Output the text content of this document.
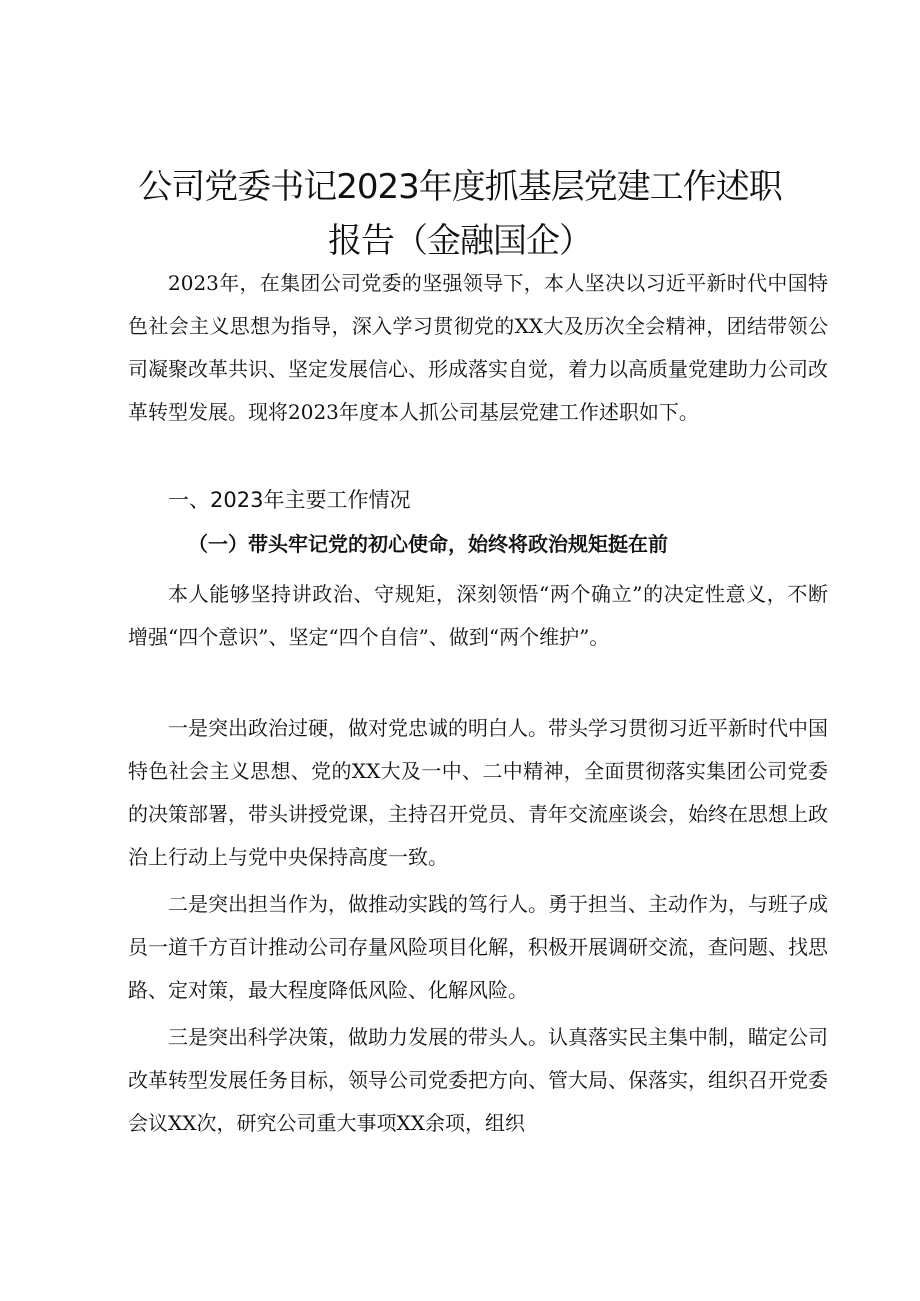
公司党委书记2023年度抓基层党建工作述职
报告（金融国企）

2023年，在集团公司党委的坚强领导下，本人坚决以习近平新时代中国特色社会主义思想为指导，深入学习贯彻党的XX大及历次全会精神，团结带领公司凝聚改革共识、坚定发展信心、形成落实自觉，着力以高质量党建助力公司改革转型发展。现将2023年度本人抓公司基层党建工作述职如下。

一、2023年主要工作情况
（一）带头牢记党的初心使命，始终将政治规矩挺在前

本人能够坚持讲政治、守规矩，深刻领悟“两个确立”的决定性意义，不断增强“四个意识”、坚定“四个自信”、做到“两个维护”。

一是突出政治过硬，做对党忠诚的明白人。带头学习贯彻习近平新时代中国特色社会主义思想、党的XX大及一中、二中精神，全面贯彻落实集团公司党委的决策部署，带头讲授党课，主持召开党员、青年交流座谈会，始终在思想上政治上行动上与党中央保持高度一致。

二是突出担当作为，做推动实践的笃行人。勇于担当、主动作为，与班子成员一道千方百计推动公司存量风险项目化解，积极开展调研交流，查问题、找思路、定对策，最大程度降低风险、化解风险。

三是突出科学决策，做助力发展的带头人。认真落实民主集中制，瞄定公司改革转型发展任务目标，领导公司党委把方向、管大局、保落实，组织召开党委会议XX次，研究公司重大事项XX余项，组织
